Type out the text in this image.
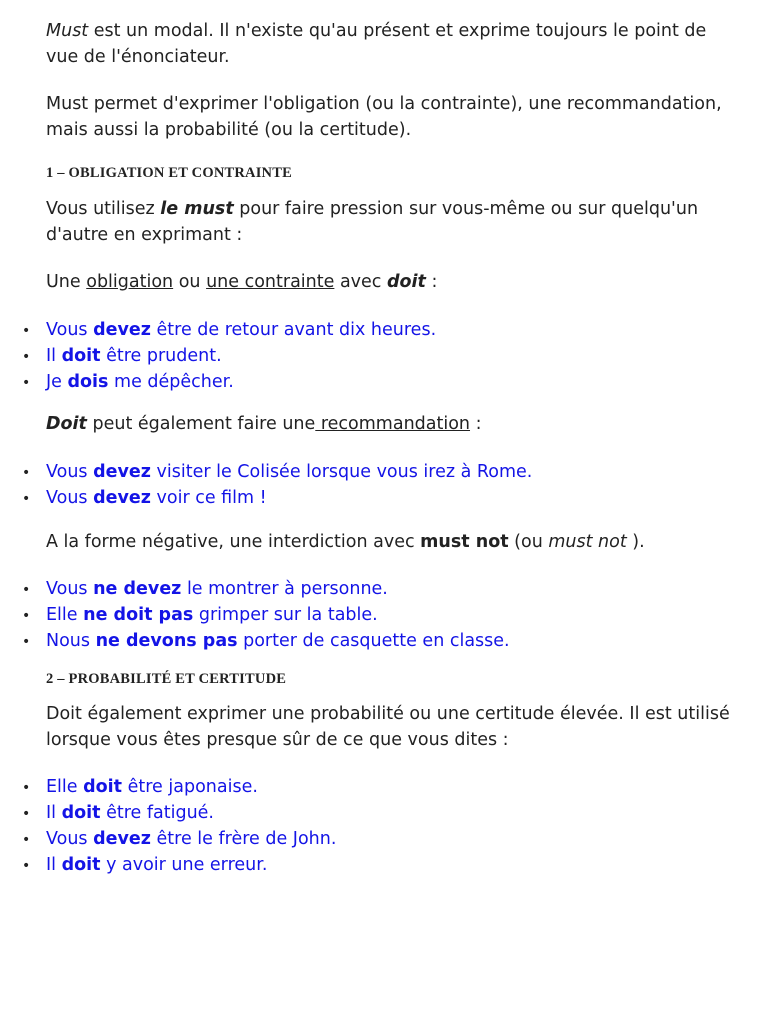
Must est un modal. Il n'existe qu'au présent et exprime toujours le point de vue de l'énonciateur.

Must permet d'exprimer l'obligation (ou la contrainte), une recommandation, mais aussi la probabilité (ou la certitude).

1 – OBLIGATION ET CONTRAINTE

Vous utilisez le must pour faire pression sur vous-même ou sur quelqu'un d'autre en exprimant :

Une obligation ou une contrainte avec doit :

• Vous devez être de retour avant dix heures.
• Il doit être prudent.
• Je dois me dépêcher.

Doit peut également faire une recommandation :

• Vous devez visiter le Colisée lorsque vous irez à Rome.
• Vous devez voir ce film !

A la forme négative, une interdiction avec must not (ou must not ).

• Vous ne devez le montrer à personne.
• Elle ne doit pas grimper sur la table.
• Nous ne devons pas porter de casquette en classe.

2 – PROBABILITÉ ET CERTITUDE

Doit également exprimer une probabilité ou une certitude élevée. Il est utilisé lorsque vous êtes presque sûr de ce que vous dites :

• Elle doit être japonaise.
• Il doit être fatigué.
• Vous devez être le frère de John.
• Il doit y avoir une erreur.
